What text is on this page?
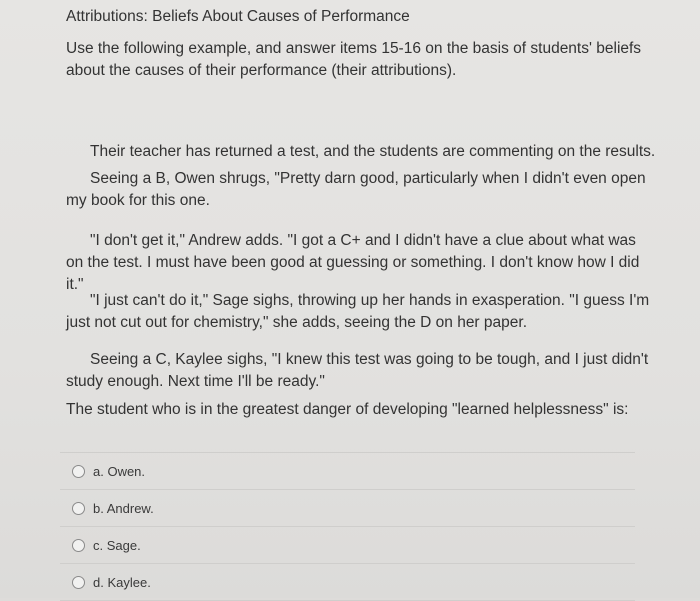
Attributions: Beliefs About Causes of Performance
Use the following example, and answer items 15-16 on the basis of students' beliefs about the causes of their performance (their attributions).
Their teacher has returned a test, and the students are commenting on the results.
Seeing a B, Owen shrugs, "Pretty darn good, particularly when I didn't even open my book for this one.
"I don't get it," Andrew adds. "I got a C+ and I didn't have a clue about what was on the test. I must have been good at guessing or something. I don't know how I did it."
"I just can't do it," Sage sighs, throwing up her hands in exasperation. "I guess I'm just not cut out for chemistry," she adds, seeing the D on her paper.
Seeing a C, Kaylee sighs, "I knew this test was going to be tough, and I just didn't study enough. Next time I'll be ready."
The student who is in the greatest danger of developing "learned helplessness" is:
a. Owen.
b. Andrew.
c. Sage.
d. Kaylee.
